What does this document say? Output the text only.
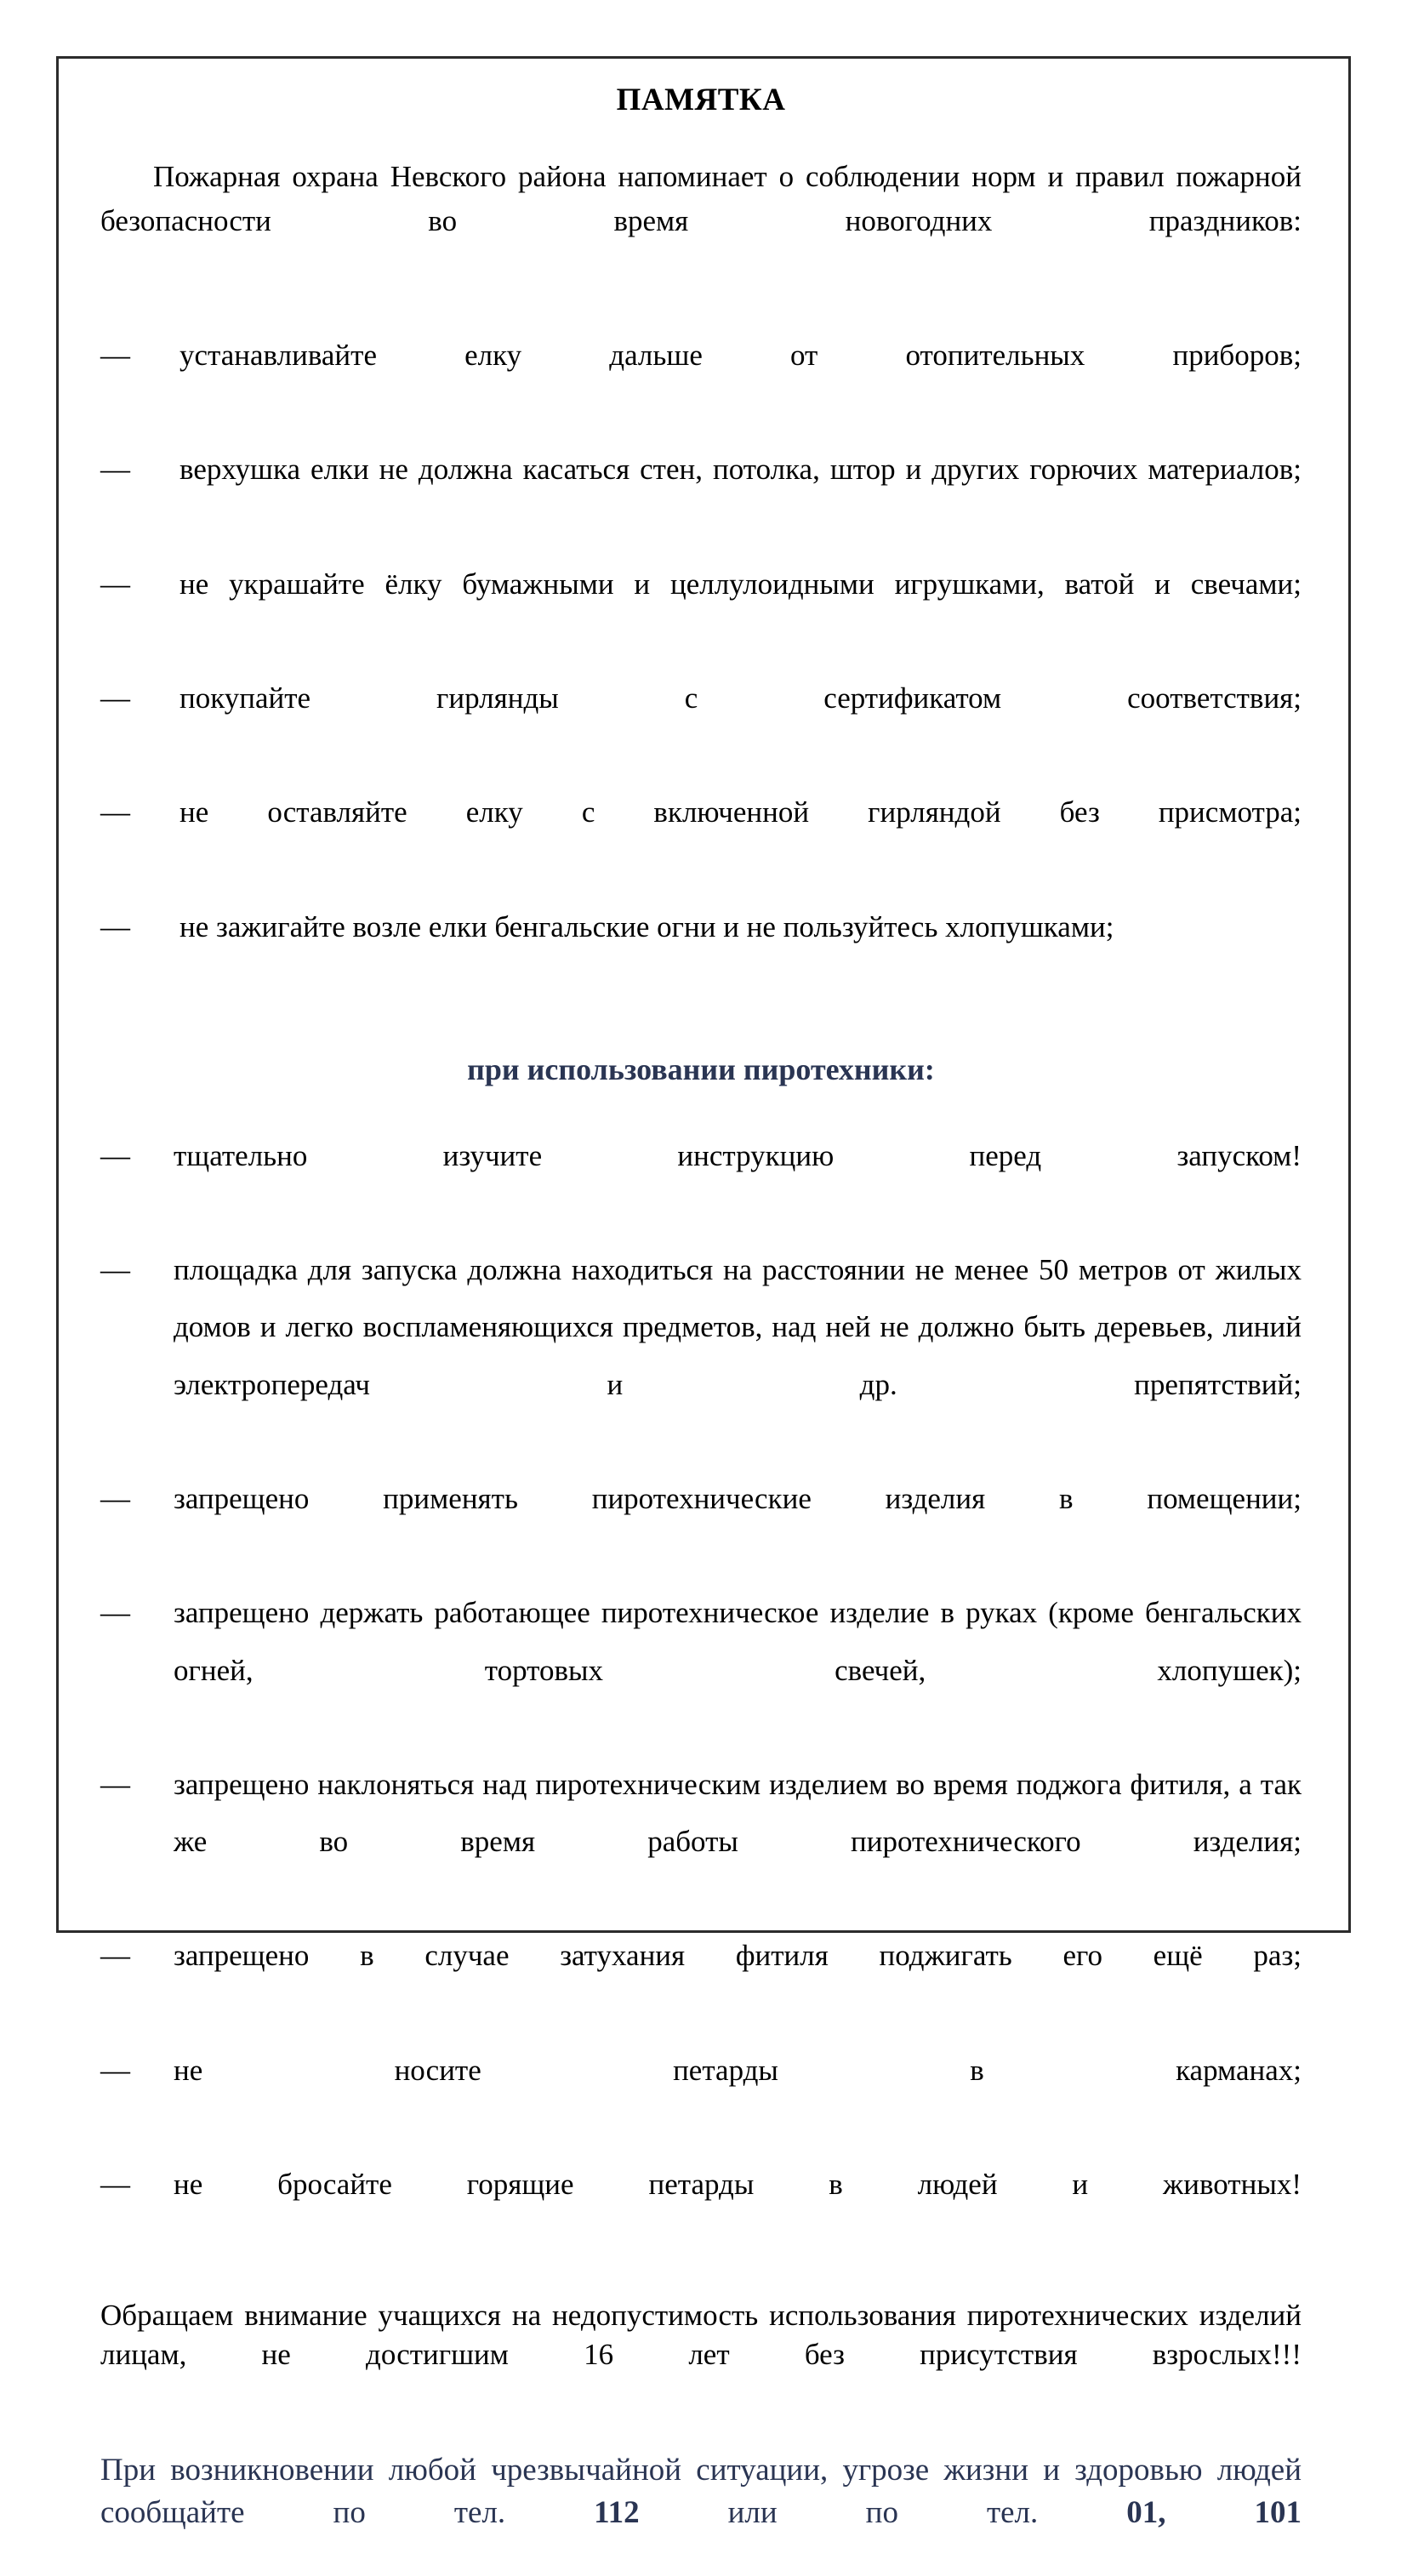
ПАМЯТКА

Пожарная охрана Невского района напоминает о соблюдении норм и правил пожарной безопасности во время новогодних праздников:

—	устанавливайте елку дальше от отопительных приборов;
—	верхушка елки не должна касаться стен, потолка, штор и других горючих материалов;
—	не украшайте ёлку бумажными и целлулоидными игрушками, ватой и свечами;
—	покупайте гирлянды с сертификатом соответствия;
—	не оставляйте елку с включенной гирляндой без присмотра;
—	не зажигайте возле елки бенгальские огни и не пользуйтесь хлопушками;
при использовании пиротехники:
—	тщательно изучите инструкцию перед запуском!
—	площадка для запуска должна находиться на расстоянии не менее 50 метров от жилых домов и легко воспламеняющихся предметов, над ней не должно быть деревьев, линий электропередач и др. препятствий;
—	запрещено применять пиротехнические изделия в помещении;
—	запрещено держать работающее пиротехническое изделие в руках (кроме бенгальских огней, тортовых свечей, хлопушек);
—	запрещено наклоняться над пиротехническим изделием во время поджога фитиля, а так же во время работы пиротехнического изделия;
—	запрещено в случае затухания фитиля поджигать его ещё раз;
—	не носите петарды в карманах;
—	не бросайте горящие петарды в людей и животных!

Обращаем внимание учащихся на недопустимость использования пиротехнических изделий лицам, не достигшим 16 лет без присутствия взрослых!!!

При возникновении любой чрезвычайной ситуации, угрозе жизни и здоровью людей сообщайте по тел. 112 или по тел. 01, 101
